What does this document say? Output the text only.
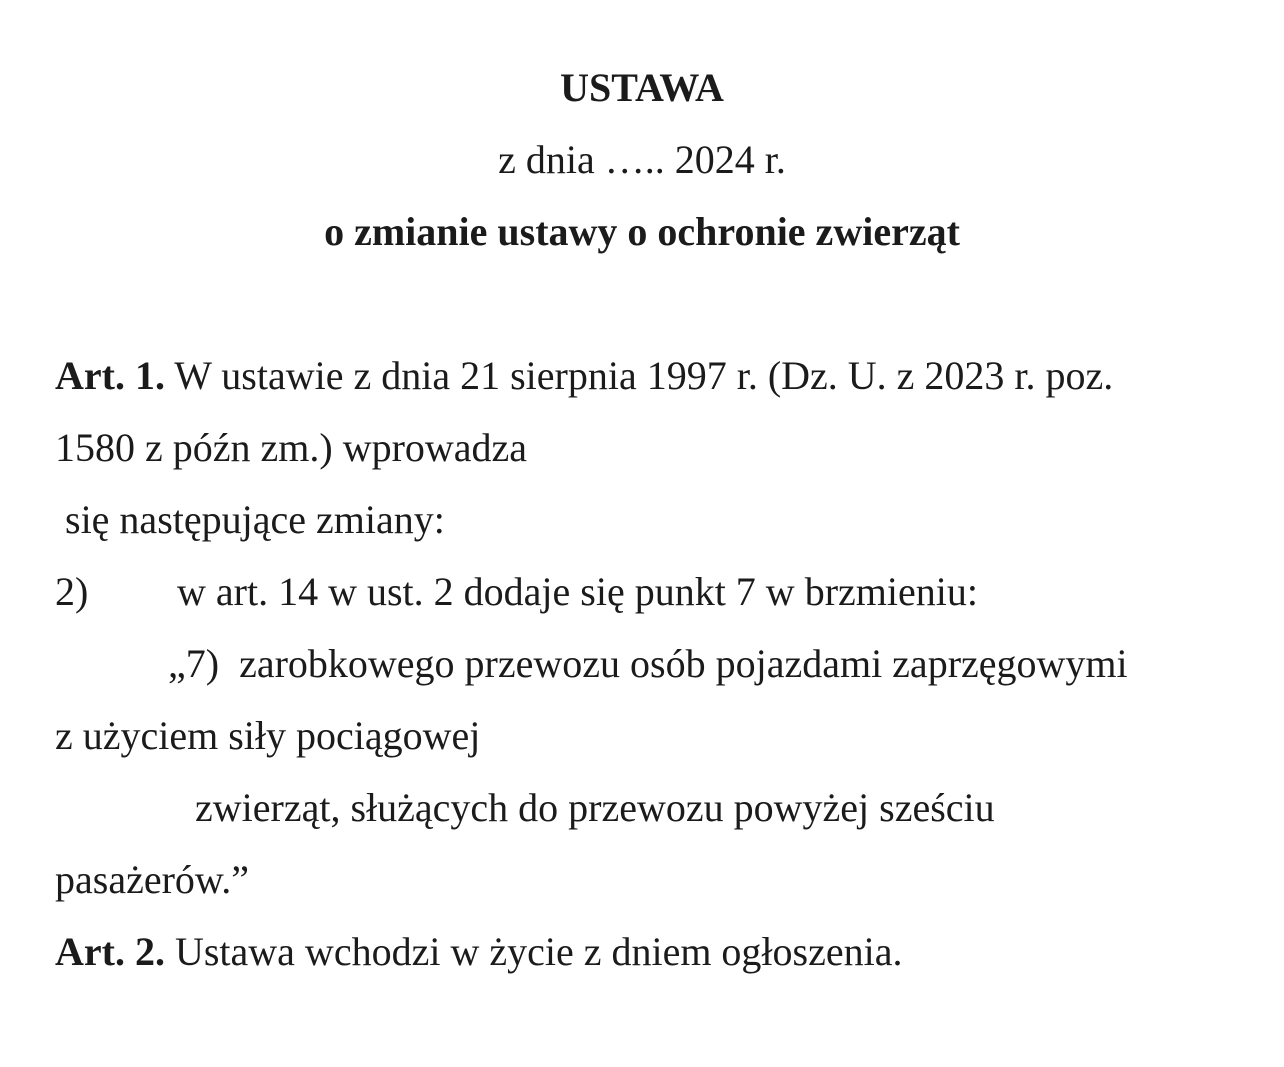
USTAWA
z dnia ….. 2024 r.
o zmianie ustawy o ochronie zwierząt
Art. 1. W ustawie z dnia 21 sierpnia 1997 r. (Dz. U. z 2023 r. poz.
1580 z późn zm.) wprowadza
się następujące zmiany:
2) w art. 14 w ust. 2 dodaje się punkt 7 w brzmieniu:
„7)  zarobkowego przewozu osób pojazdami zaprzęgowymi
z użyciem siły pociągowej
zwierząt, służących do przewozu powyżej sześciu
pasażerów.”
Art. 2. Ustawa wchodzi w życie z dniem ogłoszenia.
